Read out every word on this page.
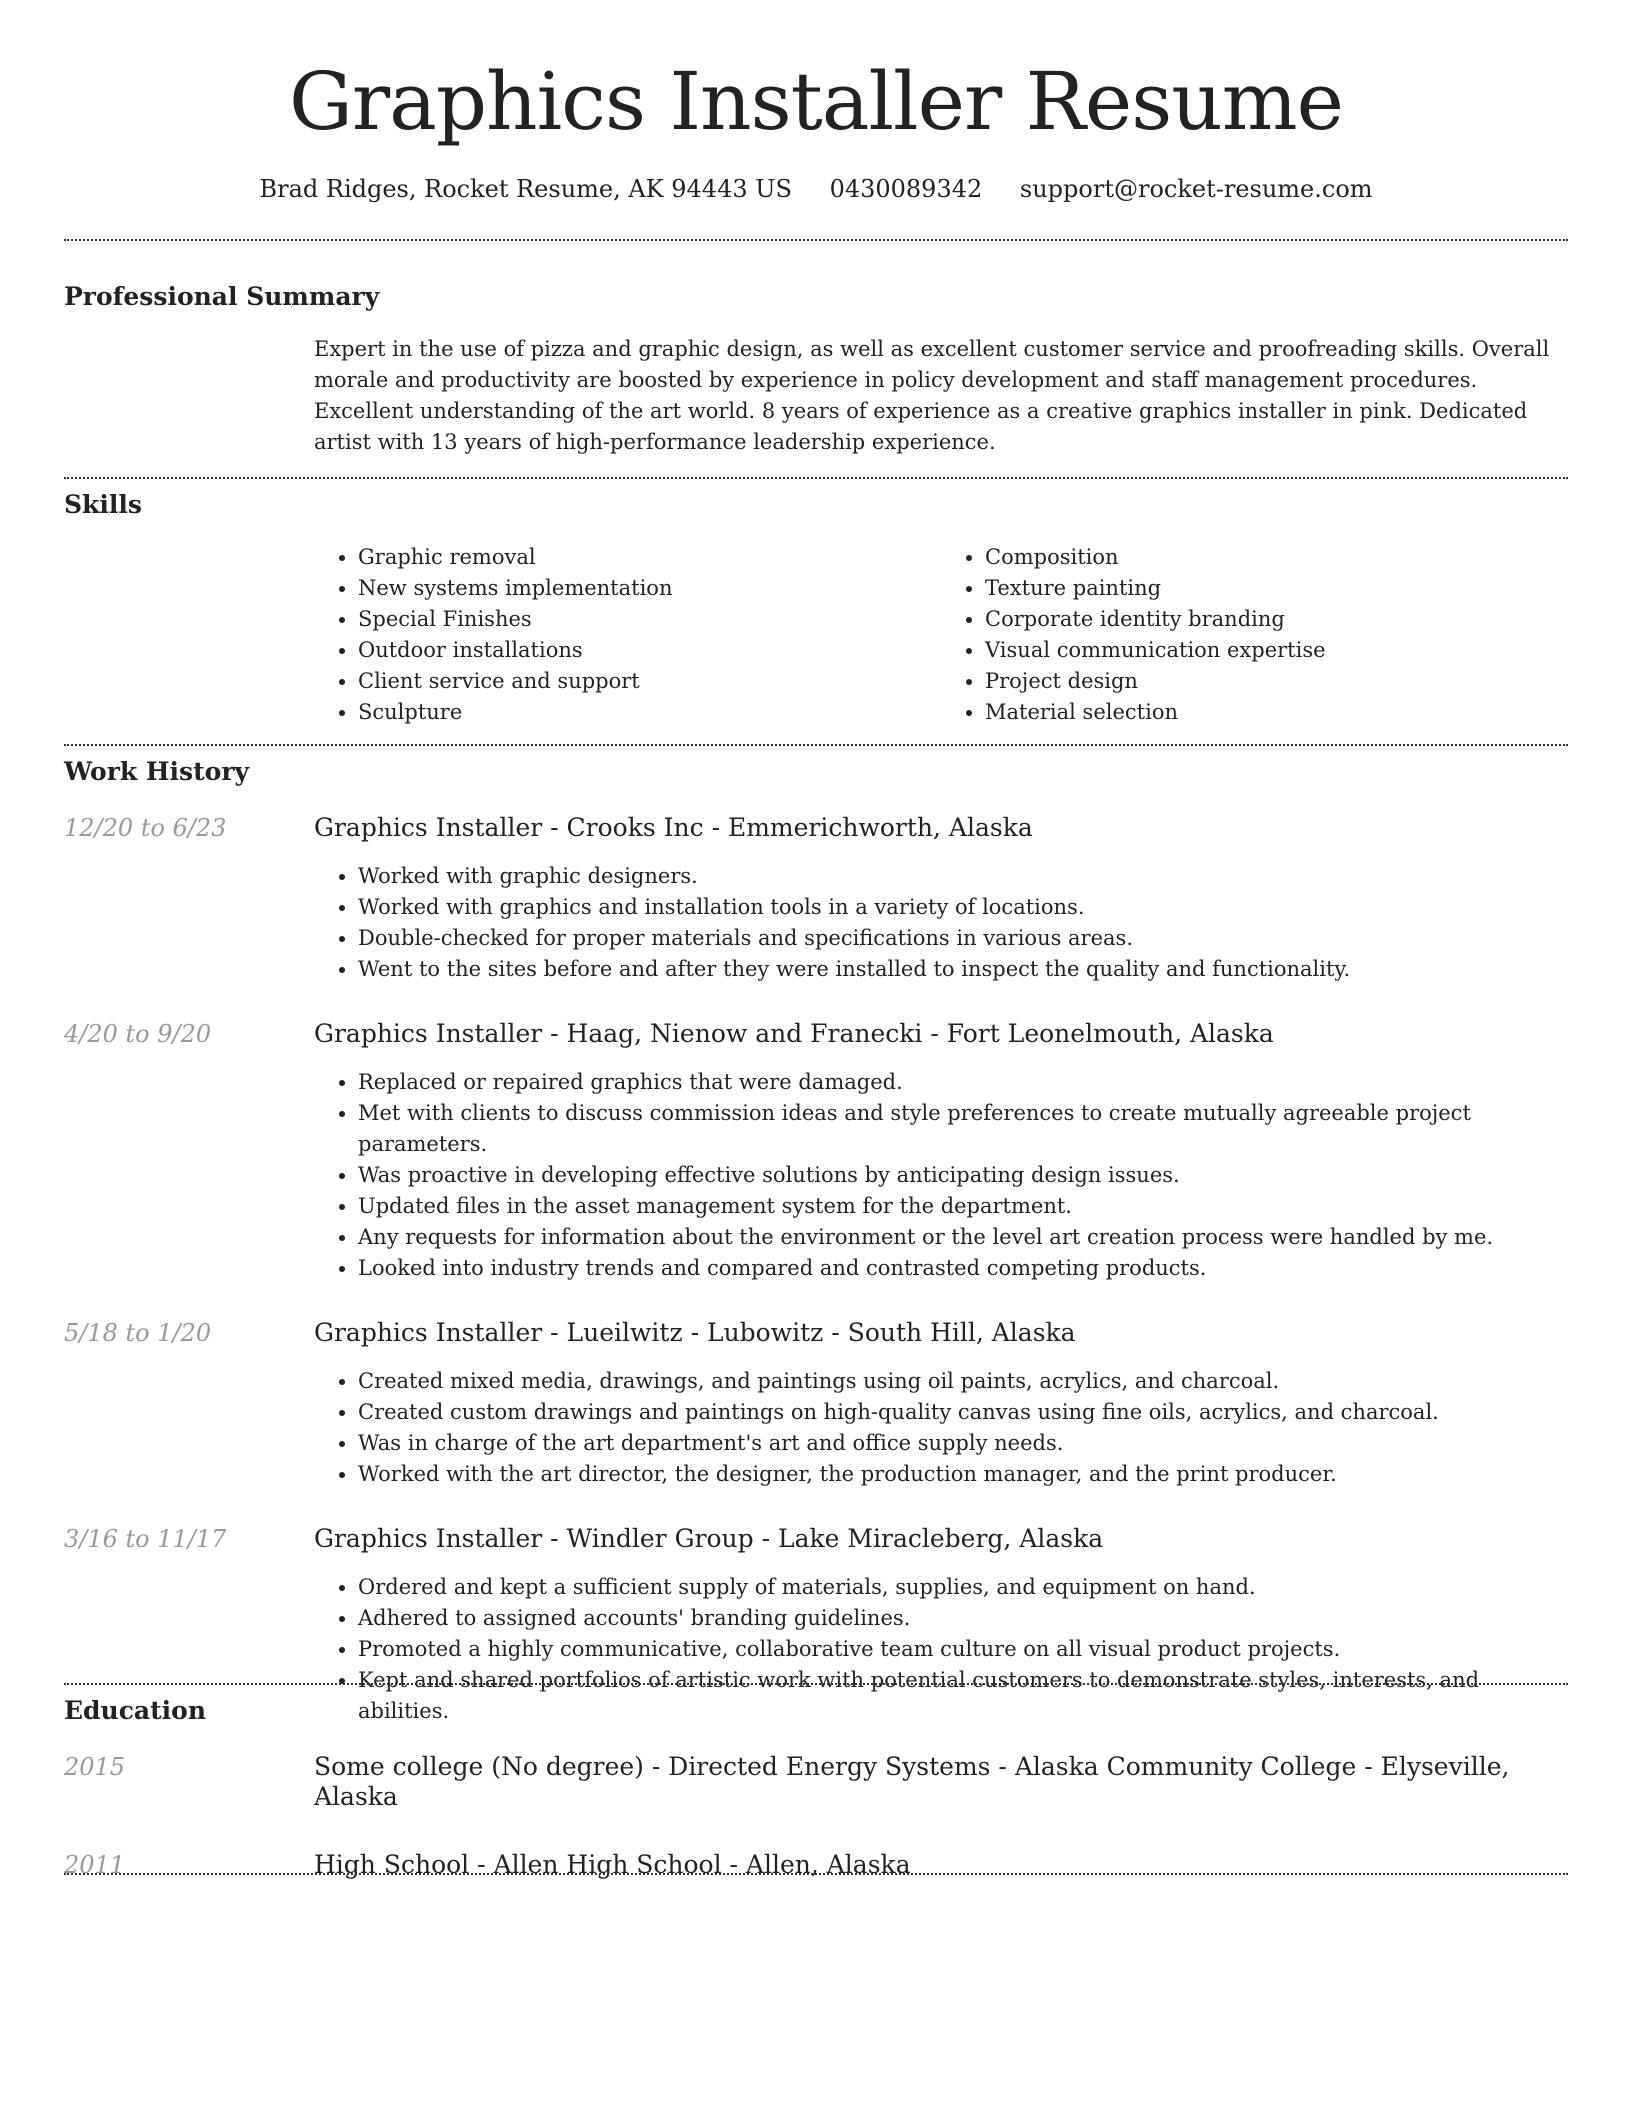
Graphics Installer Resume
Brad Ridges, Rocket Resume, AK 94443 US 0430089342 support@rocket-resume.com
Professional Summary

Expert in the use of pizza and graphic design, as well as excellent customer service and proofreading skills. Overall morale and productivity are boosted by experience in policy development and staff management procedures. Excellent understanding of the art world. 8 years of experience as a creative graphics installer in pink. Dedicated artist with 13 years of high-performance leadership experience.

Skills
• Graphic removal
• New systems implementation
• Special Finishes
• Outdoor installations
• Client service and support
• Sculpture
• Composition
• Texture painting
• Corporate identity branding
• Visual communication expertise
• Project design
• Material selection
Work History
12/20 to 6/23	Graphics Installer - Crooks Inc - Emmerichworth, Alaska
• Worked with graphic designers.
• Worked with graphics and installation tools in a variety of locations.
• Double-checked for proper materials and specifications in various areas.
• Went to the sites before and after they were installed to inspect the quality and functionality.
4/20 to 9/20	Graphics Installer - Haag, Nienow and Franecki - Fort Leonelmouth, Alaska
• Replaced or repaired graphics that were damaged.
• Met with clients to discuss commission ideas and style preferences to create mutually agreeable project parameters.
• Was proactive in developing effective solutions by anticipating design issues.
• Updated files in the asset management system for the department.
• Any requests for information about the environment or the level art creation process were handled by me.
• Looked into industry trends and compared and contrasted competing products.
5/18 to 1/20	Graphics Installer - Lueilwitz - Lubowitz - South Hill, Alaska
• Created mixed media, drawings, and paintings using oil paints, acrylics, and charcoal.
• Created custom drawings and paintings on high-quality canvas using fine oils, acrylics, and charcoal.
• Was in charge of the art department's art and office supply needs.
• Worked with the art director, the designer, the production manager, and the print producer.
3/16 to 11/17	Graphics Installer - Windler Group - Lake Miracleberg, Alaska
• Ordered and kept a sufficient supply of materials, supplies, and equipment on hand.
• Adhered to assigned accounts' branding guidelines.
• Promoted a highly communicative, collaborative team culture on all visual product projects.
• Kept and shared portfolios of artistic work with potential customers to demonstrate styles, interests, and abilities.
Education
2015	Some college (No degree) - Directed Energy Systems - Alaska Community College - Elyseville, Alaska
2011	High School - Allen High School - Allen, Alaska
